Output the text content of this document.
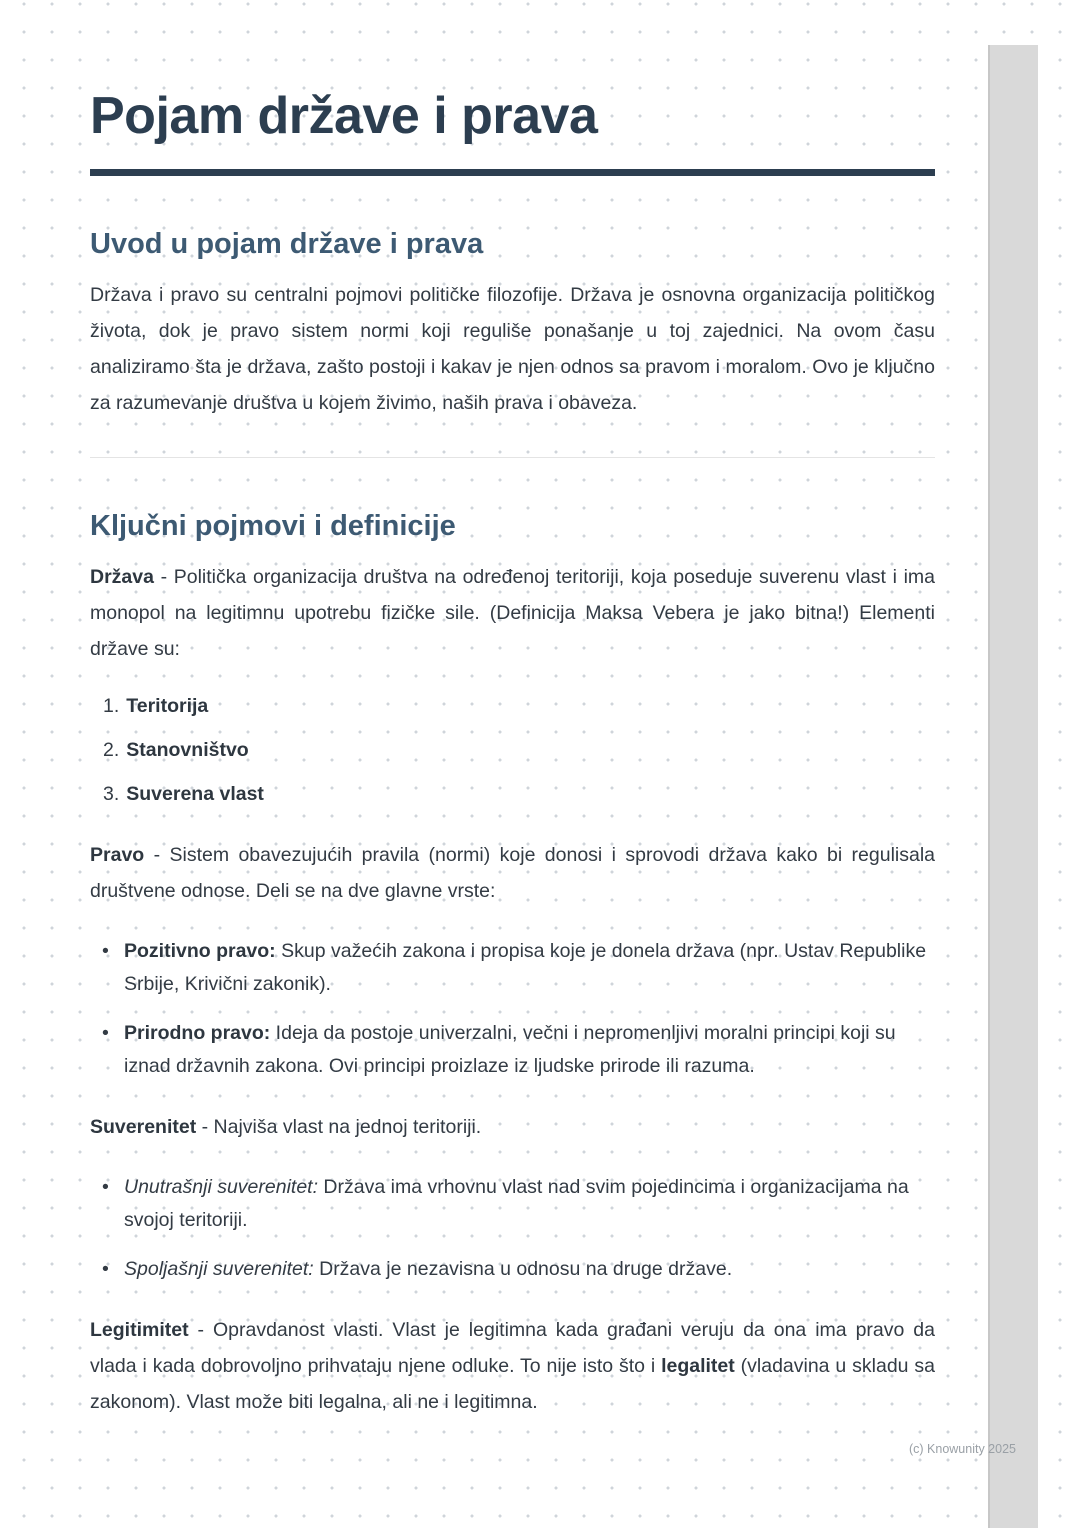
Pojam države i prava
Uvod u pojam države i prava

Država i pravo su centralni pojmovi političke filozofije. Država je osnovna organizacija političkog života, dok je pravo sistem normi koji reguliše ponašanje u toj zajednici. Na ovom času analiziramo šta je država, zašto postoji i kakav je njen odnos sa pravom i moralom. Ovo je ključno za razumevanje društva u kojem živimo, naših prava i obaveza.

Ključni pojmovi i definicije

Država - Politička organizacija društva na određenoj teritoriji, koja poseduje suverenu vlast i ima monopol na legitimnu upotrebu fizičke sile. (Definicija Maksa Vebera je jako bitna!) Elementi države su:

1. Teritorija
2. Stanovništvo
3. Suverena vlast

Pravo - Sistem obavezujućih pravila (normi) koje donosi i sprovodi država kako bi regulisala društvene odnose. Deli se na dve glavne vrste:

• Pozitivno pravo: Skup važećih zakona i propisa koje je donela država (npr. Ustav Republike Srbije, Krivični zakonik).

• Prirodno pravo: Ideja da postoje univerzalni, večni i nepromenljivi moralni principi koji su iznad državnih zakona. Ovi principi proizlaze iz ljudske prirode ili razuma.

Suverenitet - Najviša vlast na jednoj teritoriji.

• Unutrašnji suverenitet: Država ima vrhovnu vlast nad svim pojedincima i organizacijama na svojoj teritoriji.

• Spoljašnji suverenitet: Država je nezavisna u odnosu na druge države.

Legitimitet - Opravdanost vlasti. Vlast je legitimna kada građani veruju da ona ima pravo da vlada i kada dobrovoljno prihvataju njene odluke. To nije isto što i legalitet (vladavina u skladu sa zakonom). Vlast može biti legalna, ali ne i legitimna.

(c) Knowunity 2025
